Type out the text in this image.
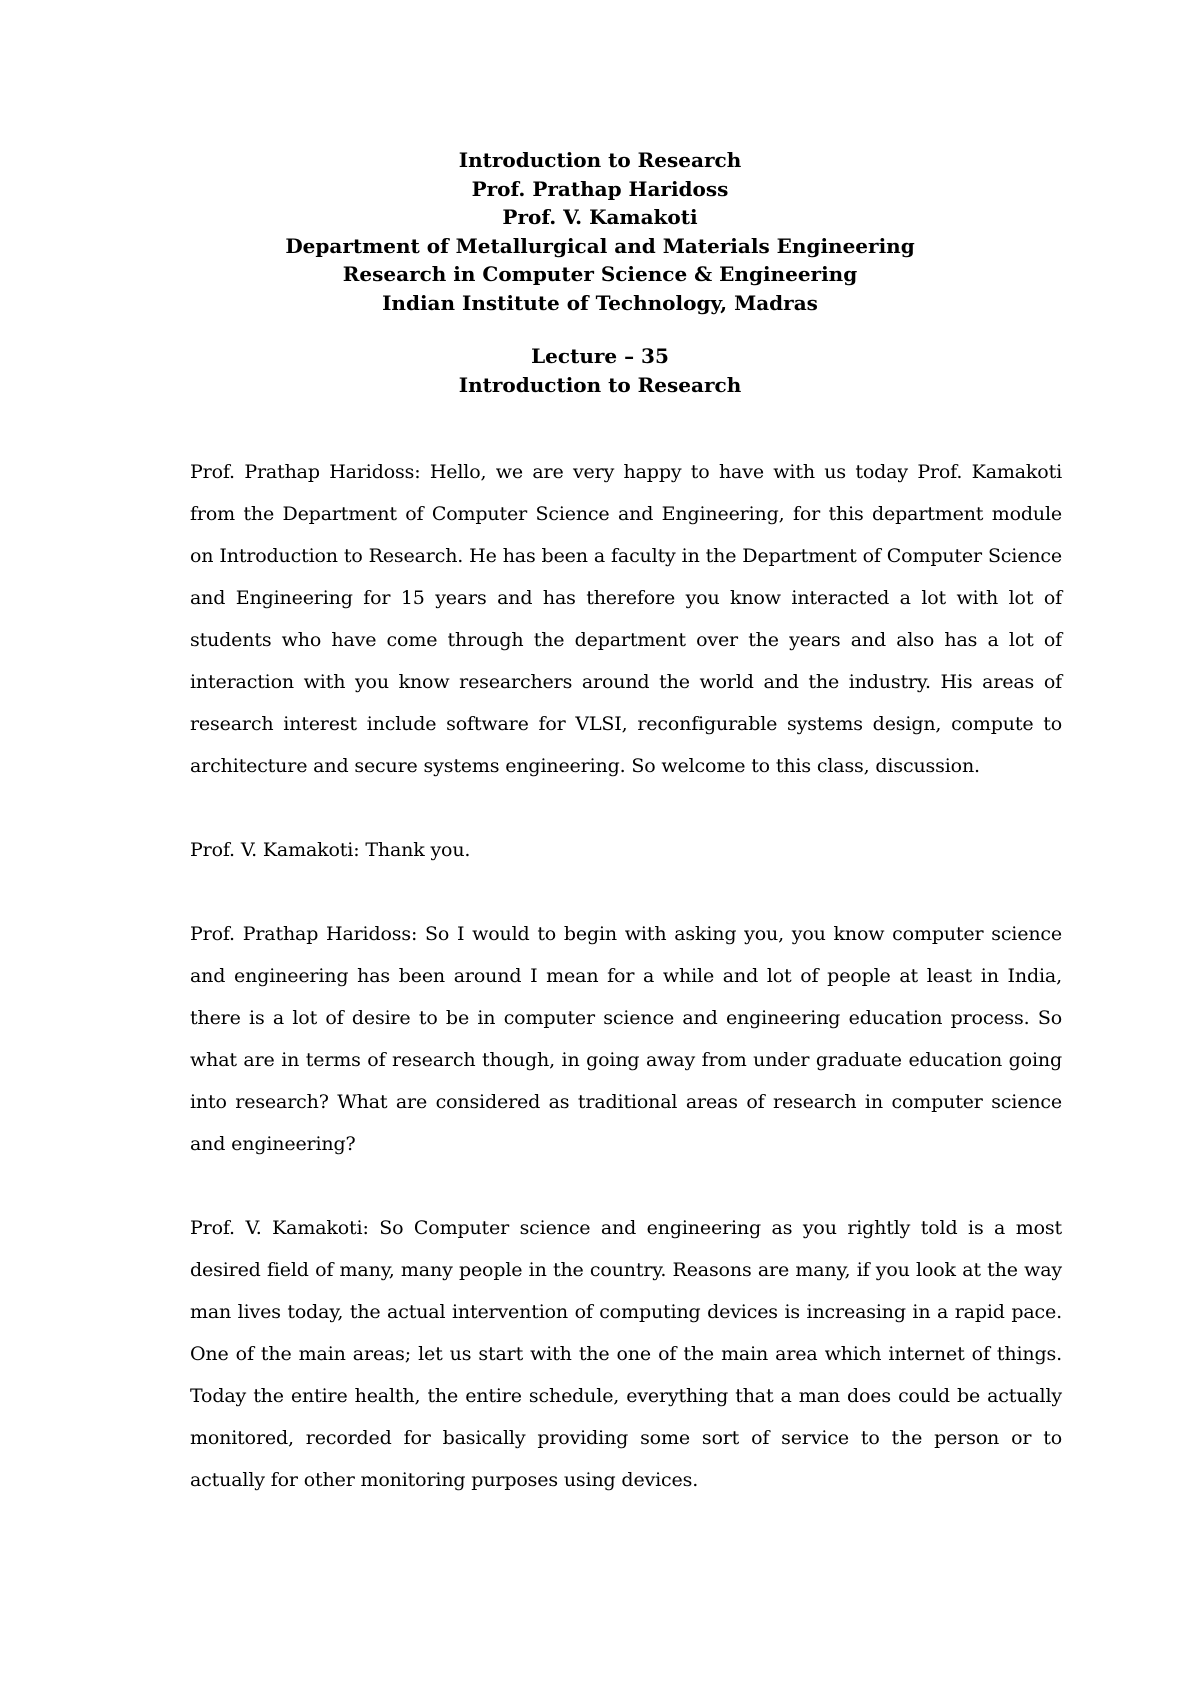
Introduction to Research
Prof. Prathap Haridoss
Prof. V. Kamakoti
Department of Metallurgical and Materials Engineering
Research in Computer Science & Engineering
Indian Institute of Technology, Madras
Lecture – 35
Introduction to Research

Prof. Prathap Haridoss: Hello, we are very happy to have with us today Prof. Kamakoti from the Department of Computer Science and Engineering, for this department module on Introduction to Research. He has been a faculty in the Department of Computer Science and Engineering for 15 years and has therefore you know interacted a lot with lot of students who have come through the department over the years and also has a lot of interaction with you know researchers around the world and the industry. His areas of research interest include software for VLSI, reconfigurable systems design, compute to architecture and secure systems engineering. So welcome to this class, discussion.

Prof. V. Kamakoti: Thank you.

Prof. Prathap Haridoss: So I would to begin with asking you, you know computer science and engineering has been around I mean for a while and lot of people at least in India, there is a lot of desire to be in computer science and engineering education process. So what are in terms of research though, in going away from under graduate education going into research? What are considered as traditional areas of research in computer science and engineering?

Prof. V. Kamakoti: So Computer science and engineering as you rightly told is a most desired field of many, many people in the country. Reasons are many, if you look at the way man lives today, the actual intervention of computing devices is increasing in a rapid pace. One of the main areas; let us start with the one of the main area which internet of things. Today the entire health, the entire schedule, everything that a man does could be actually monitored, recorded for basically providing some sort of service to the person or to actually for other monitoring purposes using devices.
